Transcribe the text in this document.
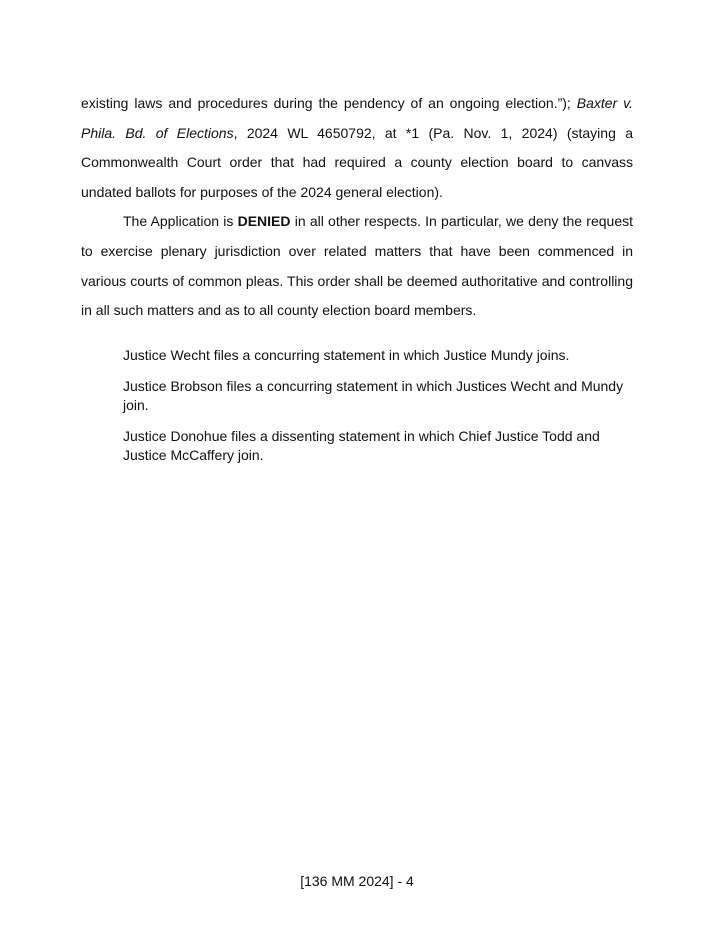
existing laws and procedures during the pendency of an ongoing election.”); Baxter v. Phila. Bd. of Elections, 2024 WL 4650792, at *1 (Pa. Nov. 1, 2024) (staying a Commonwealth Court order that had required a county election board to canvass undated ballots for purposes of the 2024 general election).

The Application is DENIED in all other respects. In particular, we deny the request to exercise plenary jurisdiction over related matters that have been commenced in various courts of common pleas. This order shall be deemed authoritative and controlling in all such matters and as to all county election board members.

Justice Wecht files a concurring statement in which Justice Mundy joins.

Justice Brobson files a concurring statement in which Justices Wecht and Mundy join.

Justice Donohue files a dissenting statement in which Chief Justice Todd and Justice McCaffery join.

[136 MM 2024] - 4
